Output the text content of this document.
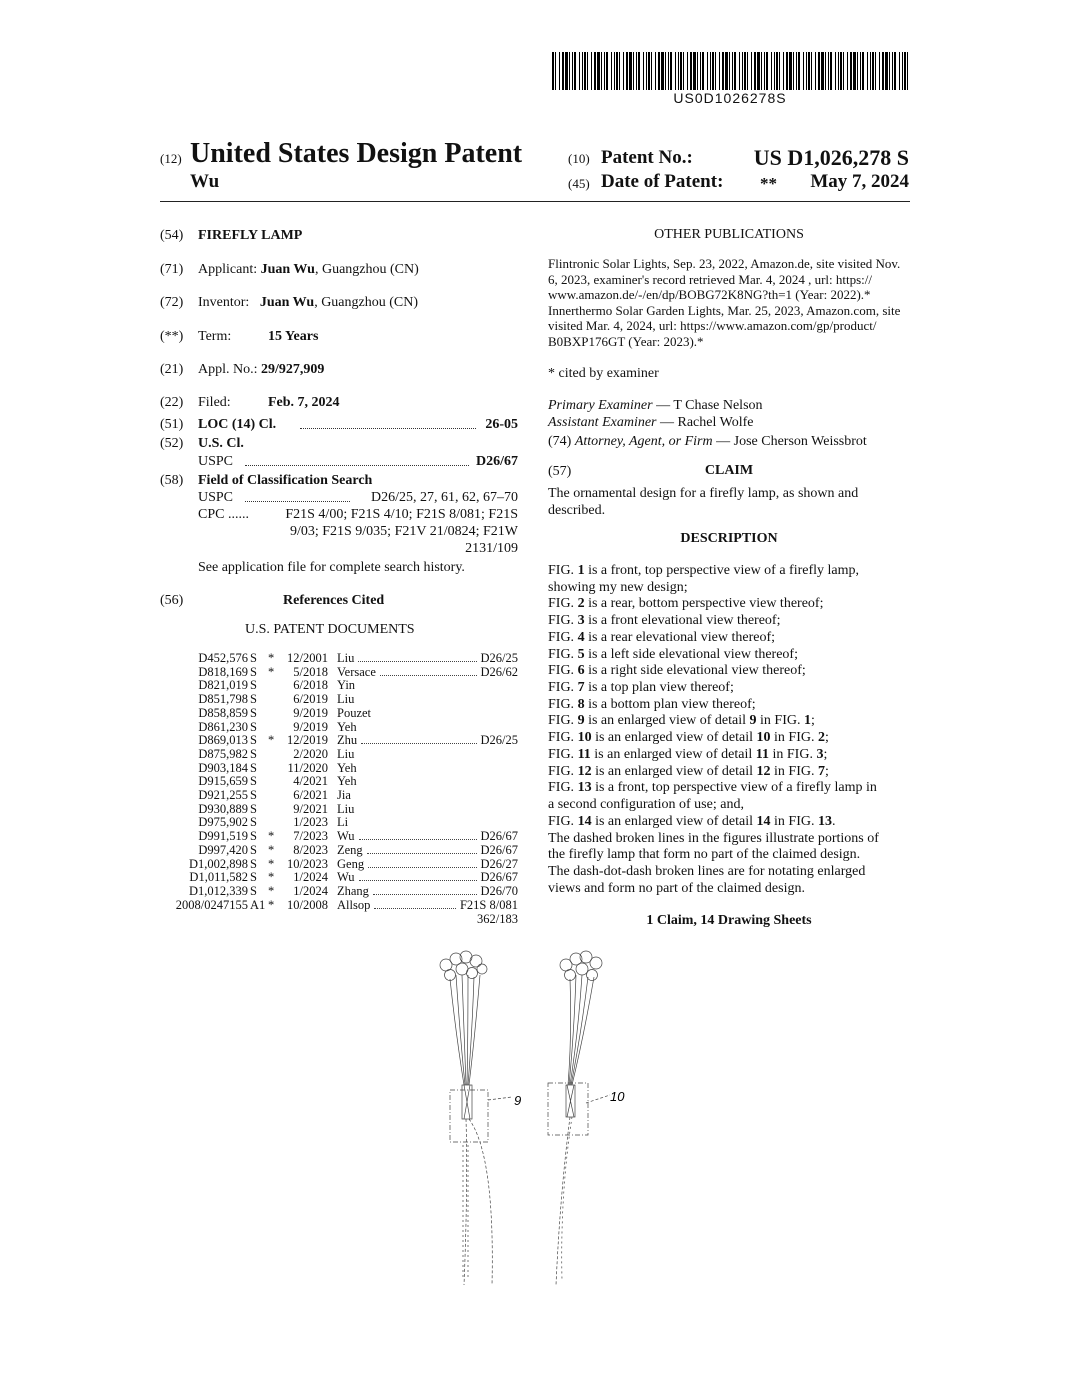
US0D1026278S
(12) United States Design Patent
Wu
(10) Patent No.:	US D1,026,278 S
(45) Date of Patent: ** May 7, 2024
(54) FIREFLY LAMP
(71) Applicant: Juan Wu, Guangzhou (CN)
(72) Inventor: Juan Wu, Guangzhou (CN)
(**) Term:	15 Years
(21) Appl. No.: 29/927,909
(22) Filed:	Feb. 7, 2024
(51) LOC (14) Cl.	26-05
(52) U.S. Cl.
USPC	D26/67
(58) Field of Classification Search
USPC	D26/25, 27, 61, 62, 67–70
CPC ......	F21S 4/00; F21S 4/10; F21S 8/081; F21S
9/03; F21S 9/035; F21V 21/0824; F21W
2131/109
See application file for complete search history.
(56)	References Cited
U.S. PATENT DOCUMENTS
D452,576 S * 12/2001 Liu	D26/25
D818,169 S * 5/2018 Versace	D26/62
D821,019 S	6/2018 Yin
D851,798 S	6/2019 Liu
D858,859 S	9/2019 Pouzet
D861,230 S	9/2019 Yeh
D869,013 S * 12/2019 Zhu	D26/25
D875,982 S	2/2020 Liu
D903,184 S 11/2020 Yeh
D915,659 S	4/2021 Yeh
D921,255 S	6/2021 Jia
D930,889 S	9/2021 Liu
D975,902 S	1/2023 Li
D991,519 S * 7/2023 Wu	D26/67
D997,420 S * 8/2023 Zeng	D26/67
D1,002,898 S * 10/2023 Geng	D26/27
D1,011,582 S * 1/2024 Wu	D26/67
D1,012,339 S * 1/2024 Zhang	D26/70
2008/0247155 A1 * 10/2008 Allsop	F21S 8/081
362/183
OTHER PUBLICATIONS
Flintronic Solar Lights, Sep. 23, 2022, Amazon.de, site visited Nov.
6, 2023, examiner's record retrieved Mar. 4, 2024 , url: https://
www.amazon.de/-/en/dp/BOBG72K8NG?th=1 (Year: 2022).*
Innerthermo Solar Garden Lights, Mar. 25, 2023, Amazon.com, site
visited Mar. 4, 2024, url: https://www.amazon.com/gp/product/
B0BXP176GT (Year: 2023).*
* cited by examiner
Primary Examiner — T Chase Nelson
Assistant Examiner — Rachel Wolfe
(74) Attorney, Agent, or Firm — Jose Cherson Weissbrot
(57)	CLAIM
The ornamental design for a firefly lamp, as shown and
described.
DESCRIPTION
FIG. 1 is a front, top perspective view of a firefly lamp,
showing my new design;
FIG. 2 is a rear, bottom perspective view thereof;
FIG. 3 is a front elevational view thereof;
FIG. 4 is a rear elevational view thereof;
FIG. 5 is a left side elevational view thereof;
FIG. 6 is a right side elevational view thereof;
FIG. 7 is a top plan view thereof;
FIG. 8 is a bottom plan view thereof;
FIG. 9 is an enlarged view of detail 9 in FIG. 1;
FIG. 10 is an enlarged view of detail 10 in FIG. 2;
FIG. 11 is an enlarged view of detail 11 in FIG. 3;
FIG. 12 is an enlarged view of detail 12 in FIG. 7;
FIG. 13 is a front, top perspective view of a firefly lamp in
a second configuration of use; and,
FIG. 14 is an enlarged view of detail 14 in FIG. 13.
The dashed broken lines in the figures illustrate portions of
the firefly lamp that form no part of the claimed design.
The dash-dot-dash broken lines are for notating enlarged
views and form no part of the claimed design.
1 Claim, 14 Drawing Sheets
9	10
